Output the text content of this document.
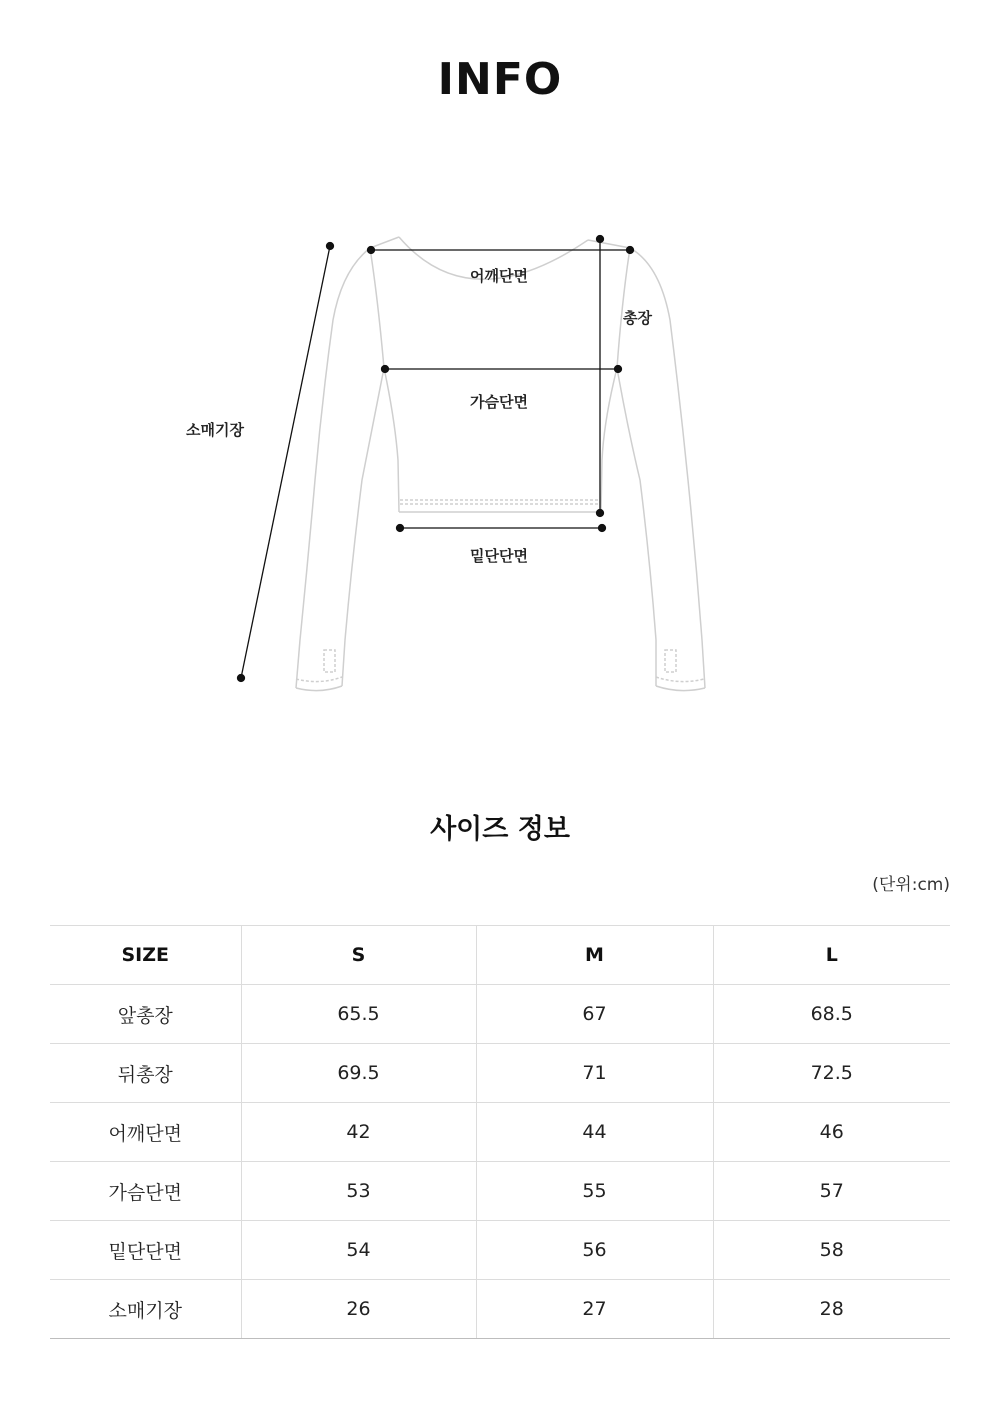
INFO
어깨단면
총장
가슴단면
소매기장
밑단단면
사이즈 정보
(단위:cm)
SIZE	S	M	L
앞총장	65.5	67	68.5
뒤총장	69.5	71	72.5
어깨단면	42	44	46
가슴단면	53	55	57
밑단단면	54	56	58
소매기장	26	27	28
